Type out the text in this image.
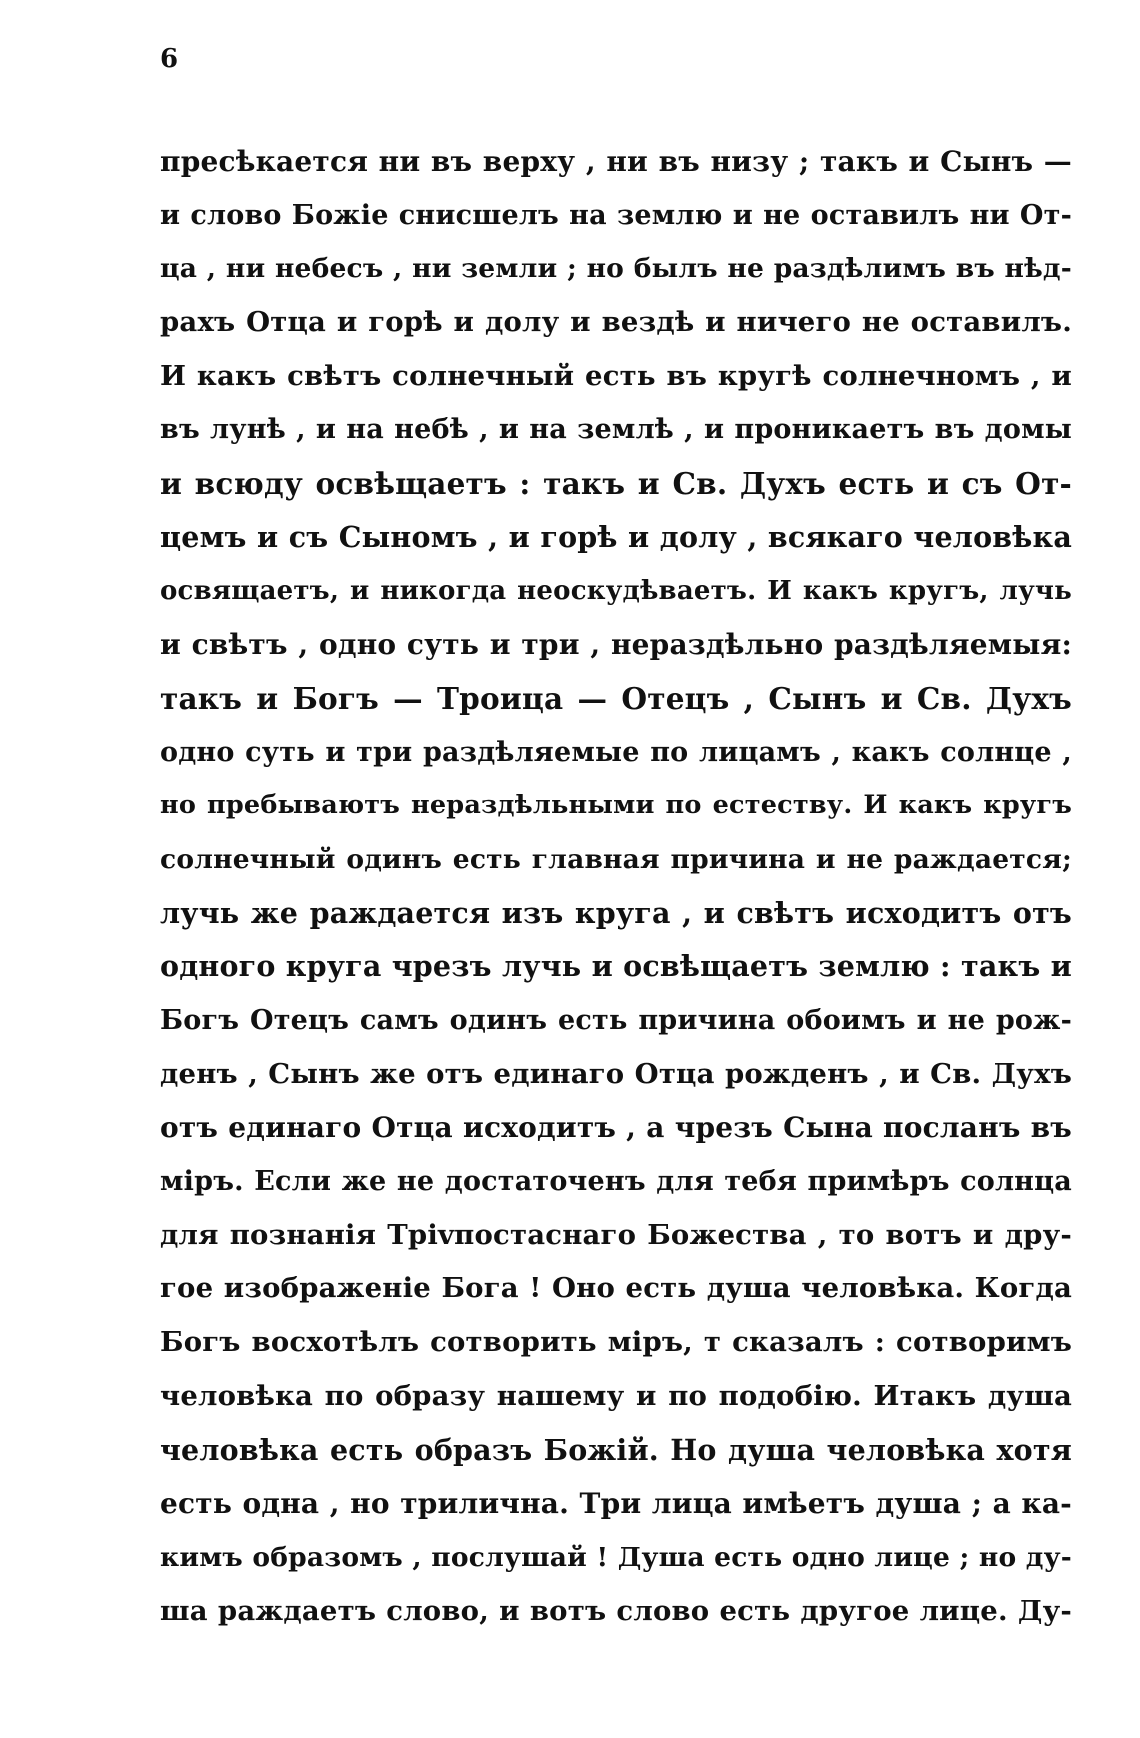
6
пресѣкается ни въ верху , ни въ низу ; такъ и Сынъ —
и слово Божіе снисшелъ на землю и не оставилъ ни От-
ца , ни небесъ , ни земли ; но былъ не раздѣлимъ въ нѣд-
рахъ Отца и горѣ и долу и вездѣ и ничего не оставилъ.
И какъ свѣтъ солнечный есть въ кругѣ солнечномъ , и
въ лунѣ , и на небѣ , и на землѣ , и проникаетъ въ домы
и всюду освѣщаетъ : такъ и Св. Духъ есть и съ От-
цемъ и съ Сыномъ , и горѣ и долу , всякаго человѣка
освящаетъ, и никогда неоскудѣваетъ. И какъ кругъ, лучь
и свѣтъ , одно суть и три , нераздѣльно раздѣляемыя:
такъ и Богъ — Троица — Отецъ , Сынъ и Св. Духъ
одно суть и три раздѣляемые по лицамъ , какъ солнце ,
но пребываютъ нераздѣльными по естеству. И какъ кругъ
солнечный одинъ есть главная причина и не раждается;
лучь же раждается изъ круга , и свѣтъ исходитъ отъ
одного круга чрезъ лучь и освѣщаетъ землю : такъ и
Богъ Отецъ самъ одинъ есть причина обоимъ и не рож-
денъ , Сынъ же отъ единаго Отца рожденъ , и Св. Духъ
отъ единаго Отца исходитъ , а чрезъ Сына посланъ въ
міръ. Если же не достаточенъ для тебя примѣръ солнца
для познанія Тріvпостаснаго Божества , то вотъ и дру-
гое изображеніе Бога ! Оно есть душа человѣка. Когда
Богъ восхотѣлъ сотворить міръ, т сказалъ : сотворимъ
человѣка по образу нашему и по подобію. Итакъ душа
человѣка есть образъ Божій. Но душа человѣка хотя
есть одна , но трилична. Три лица имѣетъ душа ; а ка-
кимъ образомъ , послушай ! Душа есть одно лице ; но ду-
ша раждаетъ слово, и вотъ слово есть другое лице. Ду-
